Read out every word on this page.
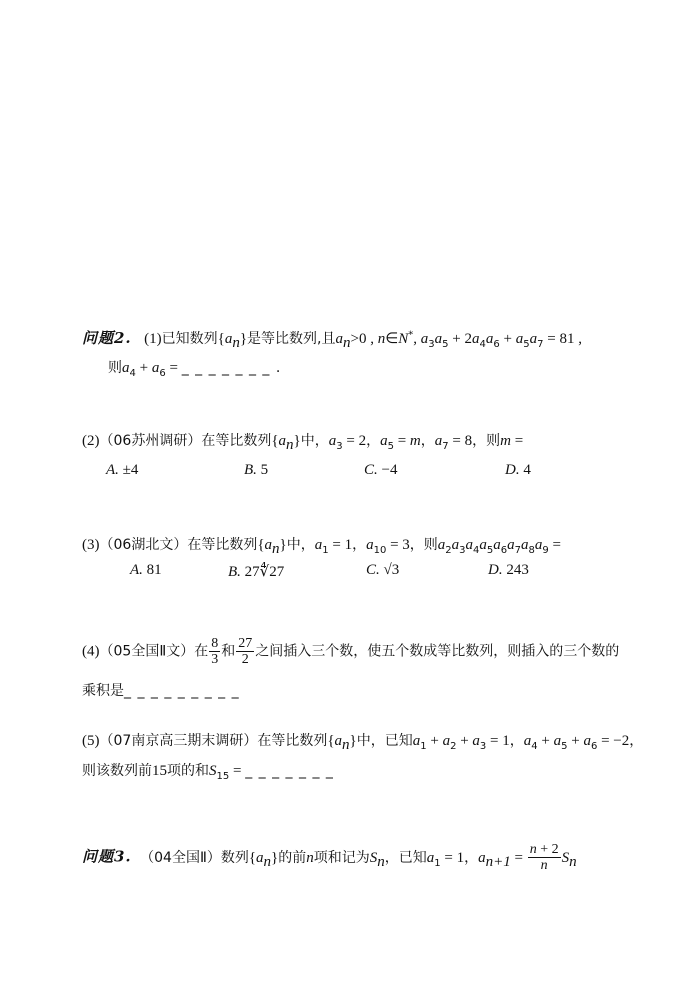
问题2. (1)已知数列$\{a_n\}$是等比数列,且$a_n>0$ , n∈N*, $a_3a_5 + 2a_4a_6 + a_5a_7 = 81$ ,
则$a_4 + a_6$ = _ _ _ _ _ _ _ .
(2)（06苏州调研）在等比数列$\{a_n\}$中，$a_3 = 2$，$a_5 = m$，$a_7 = 8$，则m =
A. ±4	B. 5	C. −4	D. 4
(3)（06湖北文）在等比数列$\{a_n\}$中，$a_1 = 1$，$a_{10} = 3$，则$a_2a_3a_4a_5a_6a_7a_8a_9$ =
A. 81	B. 27∜27	C. √3	D. 243
(4)（05全国Ⅱ文）在 $\frac{8}{3}$ 和 $\frac{27}{2}$ 之间插入三个数，使五个数成等比数列，则插入的三个数的
乘积是_ _ _ _ _ _ _ _ _
(5)（07南京高三期末调研）在等比数列$\{a_n\}$中，已知$a_1 + a_2 + a_3 = 1$，$a_4 + a_5 + a_6 = -2$，
则该数列前15项的和$S_{15}$ = _ _ _ _ _ _ _
问题3. （04全国Ⅱ）数列$\{a_n\}$的前n项和记为$S_n$，已知$a_1 = 1$，$a_{n+1} = \frac{n + 2}{n} S_n$
